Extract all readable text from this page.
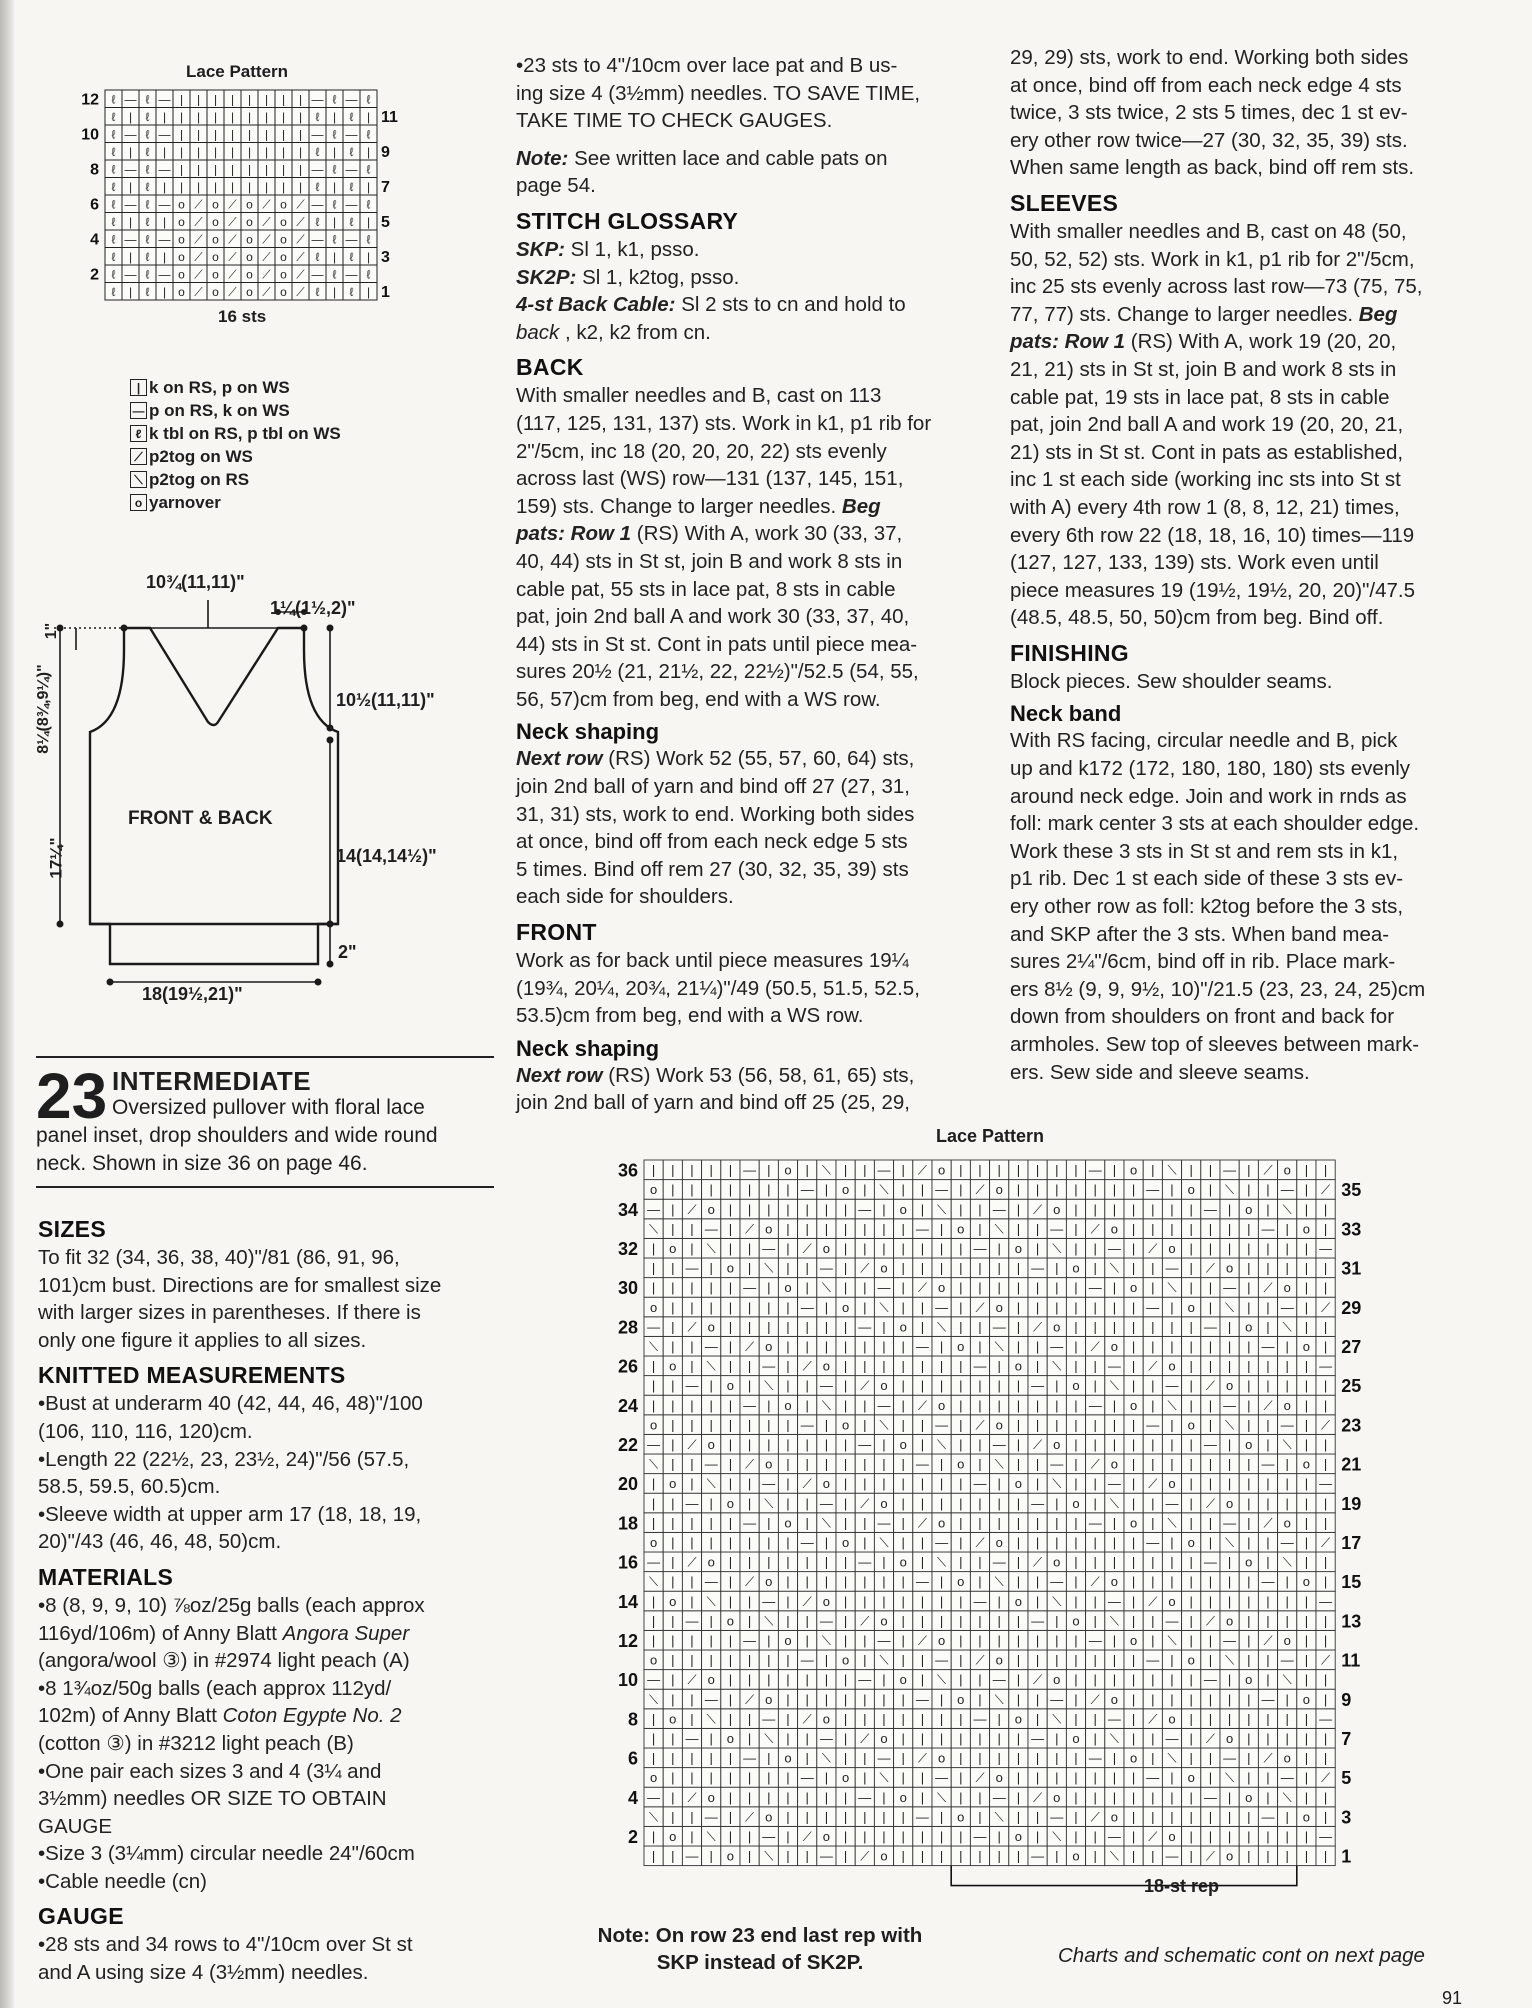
Lace Pattern
ℓ | ℓ | o ⟋ o ⟋ o ⟋ o ⟋ ℓ | ℓ |
ℓ — ℓ — o ⟋ o ⟋ o ⟋ o ⟋ — ℓ — ℓ
ℓ | ℓ | o ⟋ o ⟋ o ⟋ o ⟋ ℓ | ℓ |
ℓ — ℓ — o ⟋ o ⟋ o ⟋ o ⟋ — ℓ — ℓ
ℓ | ℓ | o ⟋ o ⟋ o ⟋ o ⟋ ℓ | ℓ |
ℓ — ℓ — o ⟋ o ⟋ o ⟋ o ⟋ — ℓ — ℓ
ℓ | ℓ | | | | | | | | | ℓ | ℓ |
ℓ — ℓ — | | | | | | | | — ℓ — ℓ
ℓ | ℓ | | | | | | | | | ℓ | ℓ |
ℓ — ℓ — | | | | | | | | — ℓ — ℓ
ℓ | ℓ | | | | | | | | | ℓ | ℓ |
ℓ — ℓ — | | | | | | | | — ℓ — ℓ
12
10
8
6
4
2
11
9
7
5
3
1
16 sts
| k on RS, p on WS
— p on RS, k on WS
ℓ k tbl on RS, p tbl on WS
⟋ p2tog on WS
⟍ p2tog on RS
o yarnover
10¾(11,11)"
1¼(1½,2)"
10½(11,11)"
8¼(8¾,9¼)"
1"
FRONT & BACK
17¼"	14(14,14½)"
2"
18(19½,21)"
23 INTERMEDIATE
Oversized pullover with floral lace
panel inset, drop shoulders and wide round
neck. Shown in size 36 on page 46.
SIZES
To fit 32 (34, 36, 38, 40)"/81 (86, 91, 96,
101)cm bust. Directions are for smallest size
with larger sizes in parentheses. If there is
only one figure it applies to all sizes.
KNITTED MEASUREMENTS
•Bust at underarm 40 (42, 44, 46, 48)"/100
(106, 110, 116, 120)cm.
•Length 22 (22½, 23, 23½, 24)"/56 (57.5,
58.5, 59.5, 60.5)cm.
•Sleeve width at upper arm 17 (18, 18, 19,
20)"/43 (46, 46, 48, 50)cm.
MATERIALS
•8 (8, 9, 9, 10) ⅞oz/25g balls (each approx
116yd/106m) of Anny Blatt Angora Super
(angora/wool ③) in #2974 light peach (A)
•8 1¾oz/50g balls (each approx 112yd/
102m) of Anny Blatt Coton Egypte No. 2
(cotton ③) in #3212 light peach (B)
•One pair each sizes 3 and 4 (3¼ and
3½mm) needles OR SIZE TO OBTAIN
GAUGE
•Size 3 (3¼mm) circular needle 24"/60cm
•Cable needle (cn)
GAUGE
•28 sts and 34 rows to 4"/10cm over St st
and A using size 4 (3½mm) needles.
•23 sts to 4"/10cm over lace pat and B us-
ing size 4 (3½mm) needles. TO SAVE TIME,
TAKE TIME TO CHECK GAUGES.
Note: See written lace and cable pats on
page 54.
STITCH GLOSSARY
SKP: Sl 1, k1, psso.
SK2P: Sl 1, k2tog, psso.
4-st Back Cable: Sl 2 sts to cn and hold to
back , k2, k2 from cn.
BACK
With smaller needles and B, cast on 113
(117, 125, 131, 137) sts. Work in k1, p1 rib for
2"/5cm, inc 18 (20, 20, 20, 22) sts evenly
across last (WS) row—131 (137, 145, 151,
159) sts. Change to larger needles. Beg
pats: Row 1 (RS) With A, work 30 (33, 37,
40, 44) sts in St st, join B and work 8 sts in
cable pat, 55 sts in lace pat, 8 sts in cable
pat, join 2nd ball A and work 30 (33, 37, 40,
44) sts in St st. Cont in pats until piece mea-
sures 20½ (21, 21½, 22, 22½)"/52.5 (54, 55,
56, 57)cm from beg, end with a WS row.
Neck shaping
Next row (RS) Work 52 (55, 57, 60, 64) sts,
join 2nd ball of yarn and bind off 27 (27, 31,
31, 31) sts, work to end. Working both sides
at once, bind off from each neck edge 5 sts
5 times. Bind off rem 27 (30, 32, 35, 39) sts
each side for shoulders.
FRONT
Work as for back until piece measures 19¼
(19¾, 20¼, 20¾, 21¼)"/49 (50.5, 51.5, 52.5,
53.5)cm from beg, end with a WS row.
Neck shaping
Next row (RS) Work 53 (56, 58, 61, 65) sts,
join 2nd ball of yarn and bind off 25 (25, 29,
29, 29) sts, work to end. Working both sides
at once, bind off from each neck edge 4 sts
twice, 3 sts twice, 2 sts 5 times, dec 1 st ev-
ery other row twice—27 (30, 32, 35, 39) sts.
When same length as back, bind off rem sts.
SLEEVES
With smaller needles and B, cast on 48 (50,
50, 52, 52) sts. Work in k1, p1 rib for 2"/5cm,
inc 25 sts evenly across last row—73 (75, 75,
77, 77) sts. Change to larger needles. Beg
pats: Row 1 (RS) With A, work 19 (20, 20,
21, 21) sts in St st, join B and work 8 sts in
cable pat, 19 sts in lace pat, 8 sts in cable
pat, join 2nd ball A and work 19 (20, 20, 21,
21) sts in St st. Cont in pats as established,
inc 1 st each side (working inc sts into St st
with A) every 4th row 1 (8, 8, 12, 21) times,
every 6th row 22 (18, 18, 16, 10) times—119
(127, 127, 133, 139) sts. Work even until
piece measures 19 (19½, 19½, 20, 20)"/47.5
(48.5, 48.5, 50, 50)cm from beg. Bind off.
FINISHING
Block pieces. Sew shoulder seams.
Neck band
With RS facing, circular needle and B, pick
up and k172 (172, 180, 180, 180) sts evenly
around neck edge. Join and work in rnds as
foll: mark center 3 sts at each shoulder edge.
Work these 3 sts in St st and rem sts in k1,
p1 rib. Dec 1 st each side of these 3 sts ev-
ery other row as foll: k2tog before the 3 sts,
and SKP after the 3 sts. When band mea-
sures 2¼"/6cm, bind off in rib. Place mark-
ers 8½ (9, 9, 9½, 10)"/21.5 (23, 23, 24, 25)cm
down from shoulders on front and back for
armholes. Sew top of sleeves between mark-
ers. Sew side and sleeve seams.
Lace Pattern
| | — | o | ⟍ | | — | ⟋ o | | | | | | | — | o | ⟍ | | — | ⟋ o | | | | |
| o | ⟍ | | — | ⟋ o | | | | | | | — | o | ⟍ | | — | ⟋ o | | | | | | | —
⟍ | | — | ⟋ o | | | | | | | — | o | ⟍ | | — | ⟋ o | | | | | | | — | o |
— | ⟋ o | | | | | | | — | o | ⟍ | | — | ⟋ o | | | | | | | — | o | ⟍ | |
o | | | | | | | — | o | ⟍ | | — | ⟋ o | | | | | | | — | o | ⟍ | | — | ⟋
| | | | | — | o | ⟍ | | — | ⟋ o | | | | | | | — | o | ⟍ | | — | ⟋ o | |
| | — | o | ⟍ | | — | ⟋ o | | | | | | | — | o | ⟍ | | — | ⟋ o | | | | |
| o | ⟍ | | — | ⟋ o | | | | | | | — | o | ⟍ | | — | ⟋ o | | | | | | | —
⟍ | | — | ⟋ o | | | | | | | — | o | ⟍ | | — | ⟋ o | | | | | | | — | o |
— | ⟋ o | | | | | | | — | o | ⟍ | | — | ⟋ o | | | | | | | — | o | ⟍ | |
o | | | | | | | — | o | ⟍ | | — | ⟋ o | | | | | | | — | o | ⟍ | | — | ⟋
| | | | | — | o | ⟍ | | — | ⟋ o | | | | | | | — | o | ⟍ | | — | ⟋ o | |
| | — | o | ⟍ | | — | ⟋ o | | | | | | | — | o | ⟍ | | — | ⟋ o | | | | |
| o | ⟍ | | — | ⟋ o | | | | | | | — | o | ⟍ | | — | ⟋ o | | | | | | | —
⟍ | | — | ⟋ o | | | | | | | — | o | ⟍ | | — | ⟋ o | | | | | | | — | o |
— | ⟋ o | | | | | | | — | o | ⟍ | | — | ⟋ o | | | | | | | — | o | ⟍ | |
o | | | | | | | — | o | ⟍ | | — | ⟋ o | | | | | | | — | o | ⟍ | | — | ⟋
| | | | | — | o | ⟍ | | — | ⟋ o | | | | | | | — | o | ⟍ | | — | ⟋ o | |
| | — | o | ⟍ | | — | ⟋ o | | | | | | | — | o | ⟍ | | — | ⟋ o | | | | |
| o | ⟍ | | — | ⟋ o | | | | | | | — | o | ⟍ | | — | ⟋ o | | | | | | | —
⟍ | | — | ⟋ o | | | | | | | — | o | ⟍ | | — | ⟋ o | | | | | | | — | o |
— | ⟋ o | | | | | | | — | o | ⟍ | | — | ⟋ o | | | | | | | — | o | ⟍ | |
o | | | | | | | — | o | ⟍ | | — | ⟋ o | | | | | | | — | o | ⟍ | | — | ⟋
| | | | | — | o | ⟍ | | — | ⟋ o | | | | | | | — | o | ⟍ | | — | ⟋ o | |
| | — | o | ⟍ | | — | ⟋ o | | | | | | | — | o | ⟍ | | — | ⟋ o | | | | |
| o | ⟍ | | — | ⟋ o | | | | | | | — | o | ⟍ | | — | ⟋ o | | | | | | | —
⟍ | | — | ⟋ o | | | | | | | — | o | ⟍ | | — | ⟋ o | | | | | | | — | o |
— | ⟋ o | | | | | | | — | o | ⟍ | | — | ⟋ o | | | | | | | — | o | ⟍ | |
o | | | | | | | — | o | ⟍ | | — | ⟋ o | | | | | | | — | o | ⟍ | | — | ⟋
| | | | | — | o | ⟍ | | — | ⟋ o | | | | | | | — | o | ⟍ | | — | ⟋ o | |
| | — | o | ⟍ | | — | ⟋ o | | | | | | | — | o | ⟍ | | — | ⟋ o | | | | |
| o | ⟍ | | — | ⟋ o | | | | | | | — | o | ⟍ | | — | ⟋ o | | | | | | | —
⟍ | | — | ⟋ o | | | | | | | — | o | ⟍ | | — | ⟋ o | | | | | | | — | o |
— | ⟋ o | | | | | | | — | o | ⟍ | | — | ⟋ o | | | | | | | — | o | ⟍ | |
o | | | | | | | — | o | ⟍ | | — | ⟋ o | | | | | | | — | o | ⟍ | | — | ⟋
| | | | | — | o | ⟍ | | — | ⟋ o | | | | | | | — | o | ⟍ | | — | ⟋ o | |
36
34
32
30
28
26
24
22
20
18
16
14
12
10
8
6
4
2
35
33
31
29
27
25
23
21
19
17
15
13
11
9
7
5
3
1
18-st rep
Note: On row 23 end last rep with
SKP instead of SK2P.	Charts and schematic cont on next page
91
